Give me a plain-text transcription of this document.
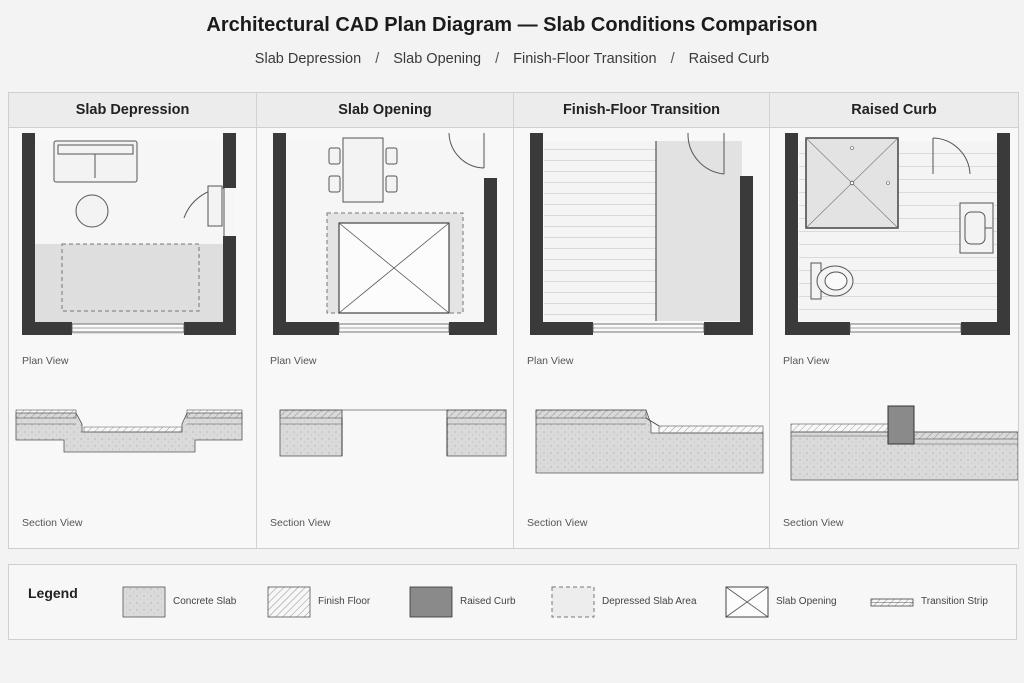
Architectural CAD Plan Diagram — Slab Conditions Comparison
Slab Depression / Slab Opening / Finish-Floor Transition / Raised Curb
Slab Depression
Plan View
Section View
Slab Opening
Plan View
Section View
Finish-Floor Transition
Plan View
Section View
Raised Curb
Plan View
Section View
Legend
Concrete Slab	Finish Floor	Raised Curb	Depressed Slab Area	Slab Opening	Transition Strip
